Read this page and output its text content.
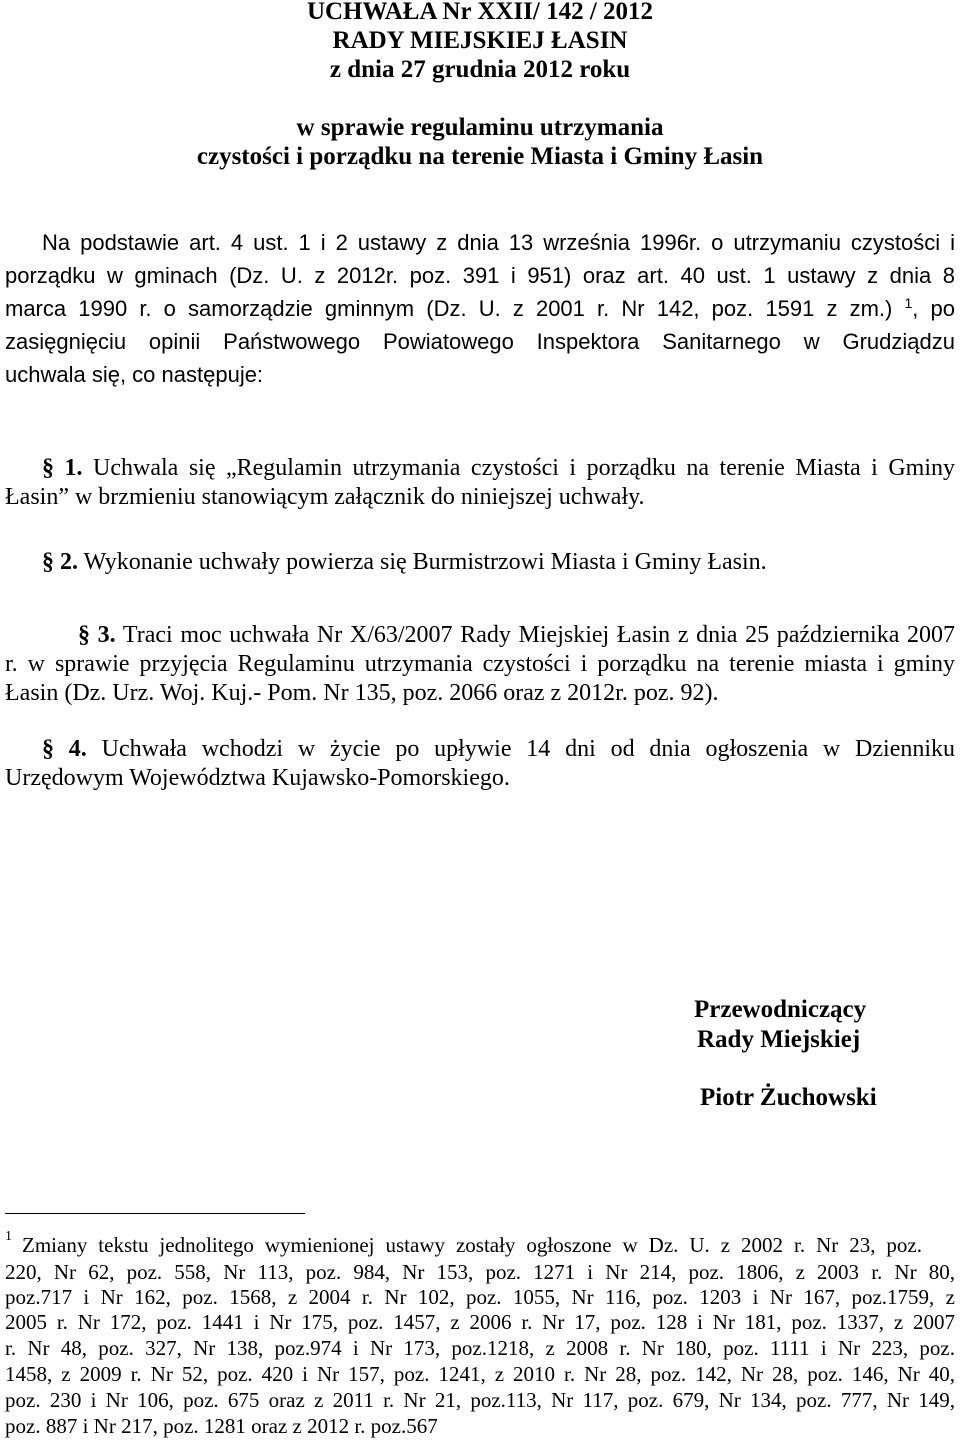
UCHWAŁA Nr XXII/ 142 / 2012
RADY MIEJSKIEJ ŁASIN
z dnia 27 grudnia 2012 roku
w sprawie regulaminu utrzymania
czystości i porządku na terenie Miasta i Gminy Łasin
Na podstawie art. 4 ust. 1 i 2 ustawy z dnia 13 września 1996r. o utrzymaniu czystości i
porządku w gminach (Dz. U. z 2012r. poz. 391 i 951) oraz art. 40 ust. 1 ustawy z dnia 8
marca 1990 r. o samorządzie gminnym (Dz. U. z 2001 r. Nr 142, poz. 1591 z zm.) $^1$, po
zasięgnięciu opinii Państwowego Powiatowego Inspektora Sanitarnego w Grudziądzu
uchwala się, co następuje:
§ 1. Uchwala się „Regulamin utrzymania czystości i porządku na terenie Miasta i Gminy
Łasin” w brzmieniu stanowiącym załącznik do niniejszej uchwały.
§ 2. Wykonanie uchwały powierza się Burmistrzowi Miasta i Gminy Łasin.
§ 3. Traci moc uchwała Nr X/63/2007 Rady Miejskiej Łasin z dnia 25 października 2007
r. w sprawie przyjęcia Regulaminu utrzymania czystości i porządku na terenie miasta i gminy
Łasin (Dz. Urz. Woj. Kuj.- Pom. Nr 135, poz. 2066 oraz z 2012r. poz. 92).
§ 4. Uchwała wchodzi w życie po upływie 14 dni od dnia ogłoszenia w Dzienniku
Urzędowym Województwa Kujawsko-Pomorskiego.
Przewodniczący
Rady Miejskiej
Piotr Żuchowski
1 Zmiany tekstu jednolitego wymienionej ustawy zostały ogłoszone w Dz. U. z 2002 r. Nr 23, poz.
220, Nr 62, poz. 558, Nr 113, poz. 984, Nr 153, poz. 1271 i Nr 214, poz. 1806, z 2003 r. Nr 80,
poz.717 i Nr 162, poz. 1568, z 2004 r. Nr 102, poz. 1055, Nr 116, poz. 1203 i Nr 167, poz.1759, z
2005 r. Nr 172, poz. 1441 i Nr 175, poz. 1457, z 2006 r. Nr 17, poz. 128 i Nr 181, poz. 1337, z 2007
r. Nr 48, poz. 327, Nr 138, poz.974 i Nr 173, poz.1218, z 2008 r. Nr 180, poz. 1111 i Nr 223, poz.
1458, z 2009 r. Nr 52, poz. 420 i Nr 157, poz. 1241, z 2010 r. Nr 28, poz. 142, Nr 28, poz. 146, Nr 40,
poz. 230 i Nr 106, poz. 675 oraz z 2011 r. Nr 21, poz.113, Nr 117, poz. 679, Nr 134, poz. 777, Nr 149,
poz. 887 i Nr 217, poz. 1281 oraz z 2012 r. poz.567
